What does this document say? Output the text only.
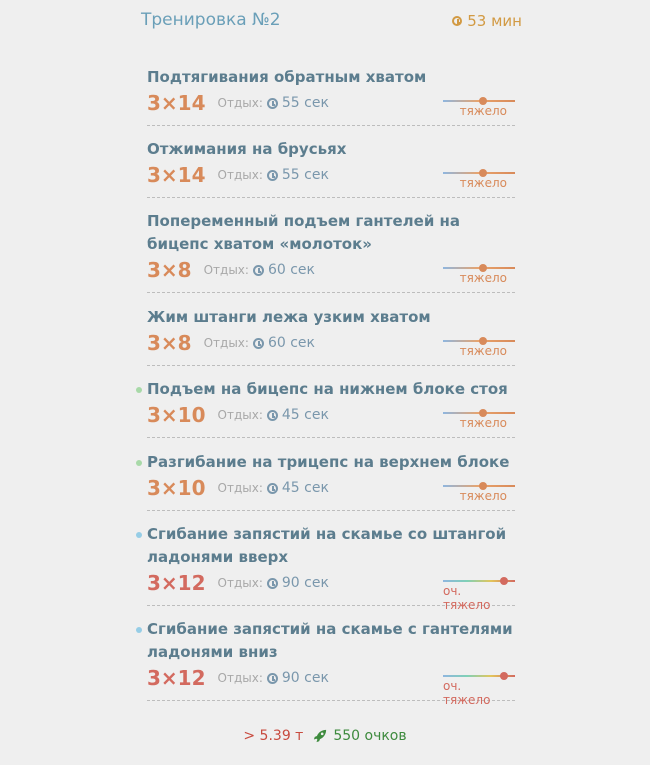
Тренировка №2	53 мин
Подтягивания обратным хватом
3×14 Отдых: 55 сек	тяжело
Отжимания на брусьях
3×14 Отдых: 55 сек	тяжело
Попеременный подъем гантелей на бицепс хватом «молоток»
3×8 Отдых: 60 сек	тяжело
Жим штанги лежа узким хватом
3×8 Отдых: 60 сек	тяжело
Подъем на бицепс на нижнем блоке стоя
3×10 Отдых: 45 сек	тяжело
Разгибание на трицепс на верхнем блоке
3×10 Отдых: 45 сек	тяжело
Сгибание запястий на скамье со штангой ладонями вверх
3×12 Отдых: 90 сек	оч. тяжело
Сгибание запястий на скамье с гантелями ладонями вниз
3×12 Отдых: 90 сек	оч. тяжело
> 5.39 т 550 очков
